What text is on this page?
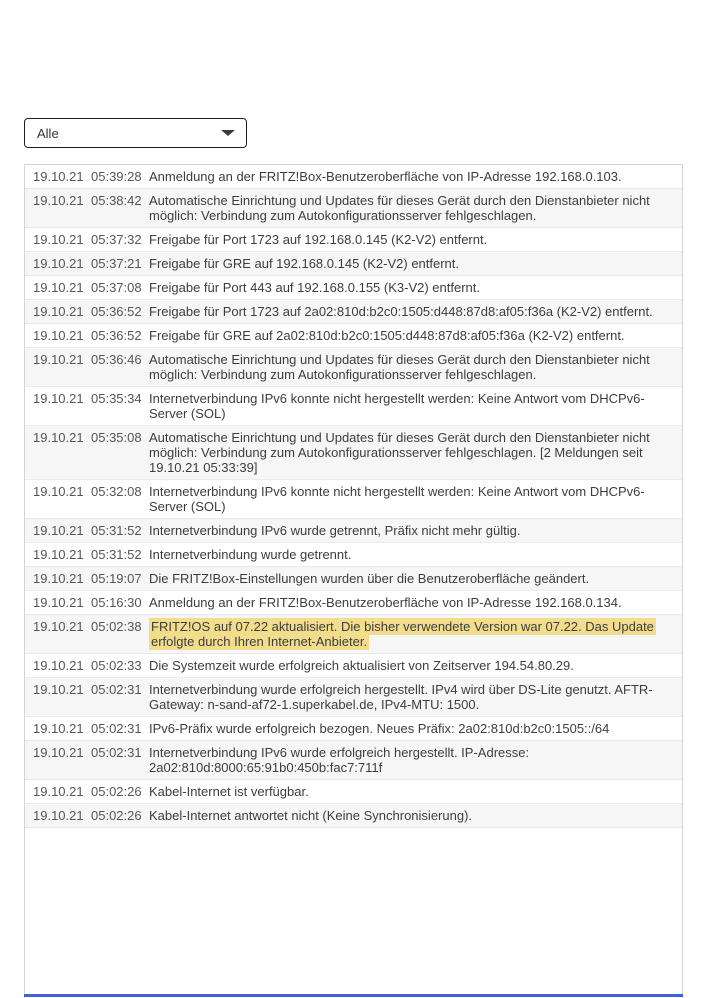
Alle
19.10.21 05:39:28 Anmeldung an der FRITZ!Box-Benutzeroberfläche von IP-Adresse 192.168.0.103.
19.10.21 05:38:42 Automatische Einrichtung und Updates für dieses Gerät durch den Dienstanbieter nicht möglich: Verbindung zum Autokonfigurationsserver fehlgeschlagen.
19.10.21 05:37:32 Freigabe für Port 1723 auf 192.168.0.145 (K2-V2) entfernt.
19.10.21 05:37:21 Freigabe für GRE auf 192.168.0.145 (K2-V2) entfernt.
19.10.21 05:37:08 Freigabe für Port 443 auf 192.168.0.155 (K3-V2) entfernt.
19.10.21 05:36:52 Freigabe für Port 1723 auf 2a02:810d:b2c0:1505:d448:87d8:af05:f36a (K2-V2) entfernt.
19.10.21 05:36:52 Freigabe für GRE auf 2a02:810d:b2c0:1505:d448:87d8:af05:f36a (K2-V2) entfernt.
19.10.21 05:36:46 Automatische Einrichtung und Updates für dieses Gerät durch den Dienstanbieter nicht möglich: Verbindung zum Autokonfigurationsserver fehlgeschlagen.
19.10.21 05:35:34 Internetverbindung IPv6 konnte nicht hergestellt werden: Keine Antwort vom DHCPv6-Server (SOL)
19.10.21 05:35:08 Automatische Einrichtung und Updates für dieses Gerät durch den Dienstanbieter nicht möglich: Verbindung zum Autokonfigurationsserver fehlgeschlagen. [2 Meldungen seit 19.10.21 05:33:39]
19.10.21 05:32:08 Internetverbindung IPv6 konnte nicht hergestellt werden: Keine Antwort vom DHCPv6-Server (SOL)
19.10.21 05:31:52 Internetverbindung IPv6 wurde getrennt, Präfix nicht mehr gültig.
19.10.21 05:31:52 Internetverbindung wurde getrennt.
19.10.21 05:19:07 Die FRITZ!Box-Einstellungen wurden über die Benutzeroberfläche geändert.
19.10.21 05:16:30 Anmeldung an der FRITZ!Box-Benutzeroberfläche von IP-Adresse 192.168.0.134.
19.10.21 05:02:38 FRITZ!OS auf 07.22 aktualisiert. Die bisher verwendete Version war 07.22. Das Update erfolgte durch Ihren Internet-Anbieter.
19.10.21 05:02:33 Die Systemzeit wurde erfolgreich aktualisiert von Zeitserver 194.54.80.29.
19.10.21 05:02:31 Internetverbindung wurde erfolgreich hergestellt. IPv4 wird über DS-Lite genutzt. AFTR-Gateway: n-sand-af72-1.superkabel.de, IPv4-MTU: 1500.
19.10.21 05:02:31 IPv6-Präfix wurde erfolgreich bezogen. Neues Präfix: 2a02:810d:b2c0:1505::/64
19.10.21 05:02:31 Internetverbindung IPv6 wurde erfolgreich hergestellt. IP-Adresse: 2a02:810d:8000:65:91b0:450b:fac7:711f
19.10.21 05:02:26 Kabel-Internet ist verfügbar.
19.10.21 05:02:26 Kabel-Internet antwortet nicht (Keine Synchronisierung).
